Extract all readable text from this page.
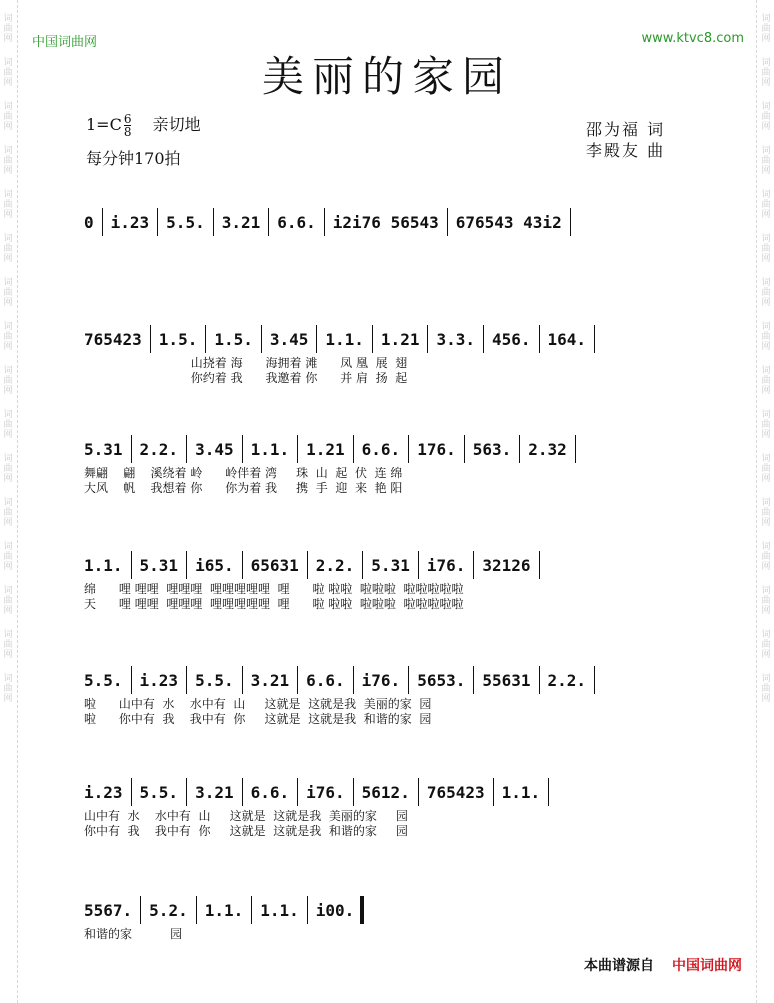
词
曲
网
词
曲
网
词
曲
网
词
曲
网
词
曲
网
词
曲
网
词
曲
网
词
曲
网
词
曲
网
词
曲
网
词
曲
网
词
曲
网
词
曲
网
词
曲
网
词
曲
网
词
曲
网
词
曲
网
词
曲
网
词
曲
网
词
曲
网
词
曲
网
词
曲
网
词
曲
网
词
曲
网
词
曲
网
词
曲
网
词
曲
网
词
曲
网
词
曲
网
词
曲
网
词
曲
网
词
曲
网
中国词曲网	www.ktvc8.com
美丽的家园
$1=C \frac{6}{8}$ 亲切地
每分钟170拍
邵为福 词
李殿友 曲
0 i.23 5.5. 3.21 6.6. i2i76 56543 676543 43i2
765423 1.5. 1.5. 3.45 1.1. 1.21 3.3. 456. 164.
山挠着 海      海拥着 滩      凤 凰  展  翅
你约着 我      我邀着 你      并 肩  扬  起
5.31 2.2. 3.45 1.1. 1.21 6.6. 176. 563. 2.32
舞翩    翩    溪绕着 岭      岭伴着 湾     珠  山  起  伏  连 绵
大风    帆    我想着 你      你为着 我     携  手  迎  来  艳 阳
1.1. 5.31 i65. 65631 2.2. 5.31 i76. 32126
绵      哩 哩哩  哩哩哩  哩哩哩哩哩  哩      啦 啦啦  啦啦啦  啦啦啦啦啦
天      哩 哩哩  哩哩哩  哩哩哩哩哩  哩      啦 啦啦  啦啦啦  啦啦啦啦啦
5.5. i.23 5.5. 3.21 6.6. i76. 5653. 55631 2.2.
啦      山中有  水    水中有  山     这就是  这就是我  美丽的家  园
啦      你中有  我    我中有  你     这就是  这就是我  和谐的家  园
i.23 5.5. 3.21 6.6. i76. 5612. 765423 1.1.
山中有  水    水中有  山     这就是  这就是我  美丽的家     园
你中有  我    我中有  你     这就是  这就是我  和谐的家     园
5567. 5.2. 1.1. 1.1. i00.
和谐的家          园
本曲谱源自 中国词曲网
